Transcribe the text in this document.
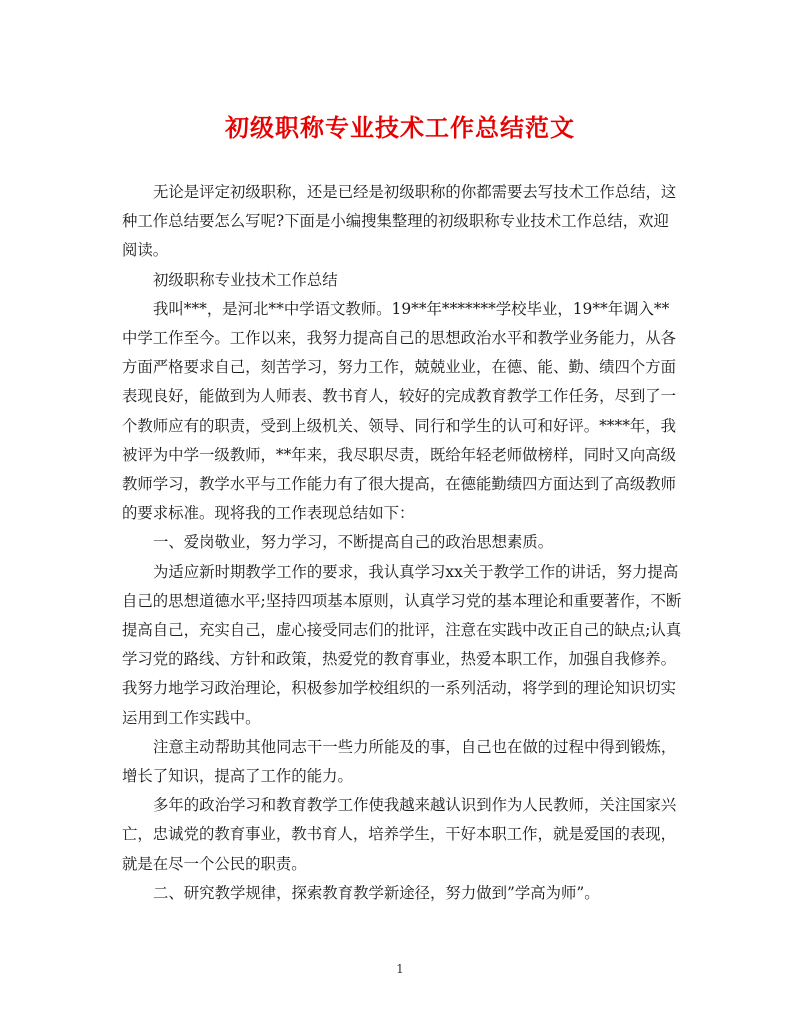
初级职称专业技术工作总结范文

无论是评定初级职称，还是已经是初级职称的你都需要去写技术工作总结，这种工作总结要怎么写呢?下面是小编搜集整理的初级职称专业技术工作总结，欢迎阅读。

初级职称专业技术工作总结

我叫***，是河北**中学语文教师。19**年*******学校毕业，19**年调入**中学工作至今。工作以来，我努力提高自己的思想政治水平和教学业务能力，从各方面严格要求自己，刻苦学习，努力工作，兢兢业业，在德、能、勤、绩四个方面表现良好，能做到为人师表、教书育人，较好的完成教育教学工作任务，尽到了一个教师应有的职责，受到上级机关、领导、同行和学生的认可和好评。****年，我被评为中学一级教师，**年来，我尽职尽责，既给年轻老师做榜样，同时又向高级教师学习，教学水平与工作能力有了很大提高，在德能勤绩四方面达到了高级教师的要求标准。现将我的工作表现总结如下：

一、爱岗敬业，努力学习，不断提高自己的政治思想素质。

为适应新时期教学工作的要求，我认真学习xx关于教学工作的讲话，努力提高自己的思想道德水平;坚持四项基本原则，认真学习党的基本理论和重要著作，不断提高自己，充实自己，虚心接受同志们的批评，注意在实践中改正自己的缺点;认真学习党的路线、方针和政策，热爱党的教育事业，热爱本职工作，加强自我修养。我努力地学习政治理论，积极参加学校组织的一系列活动，将学到的理论知识切实运用到工作实践中。

注意主动帮助其他同志干一些力所能及的事，自己也在做的过程中得到锻炼，增长了知识，提高了工作的能力。

多年的政治学习和教育教学工作使我越来越认识到作为人民教师，关注国家兴亡，忠诚党的教育事业，教书育人，培养学生，干好本职工作，就是爱国的表现，就是在尽一个公民的职责。

二、研究教学规律，探索教育教学新途径，努力做到”学高为师”。

1
